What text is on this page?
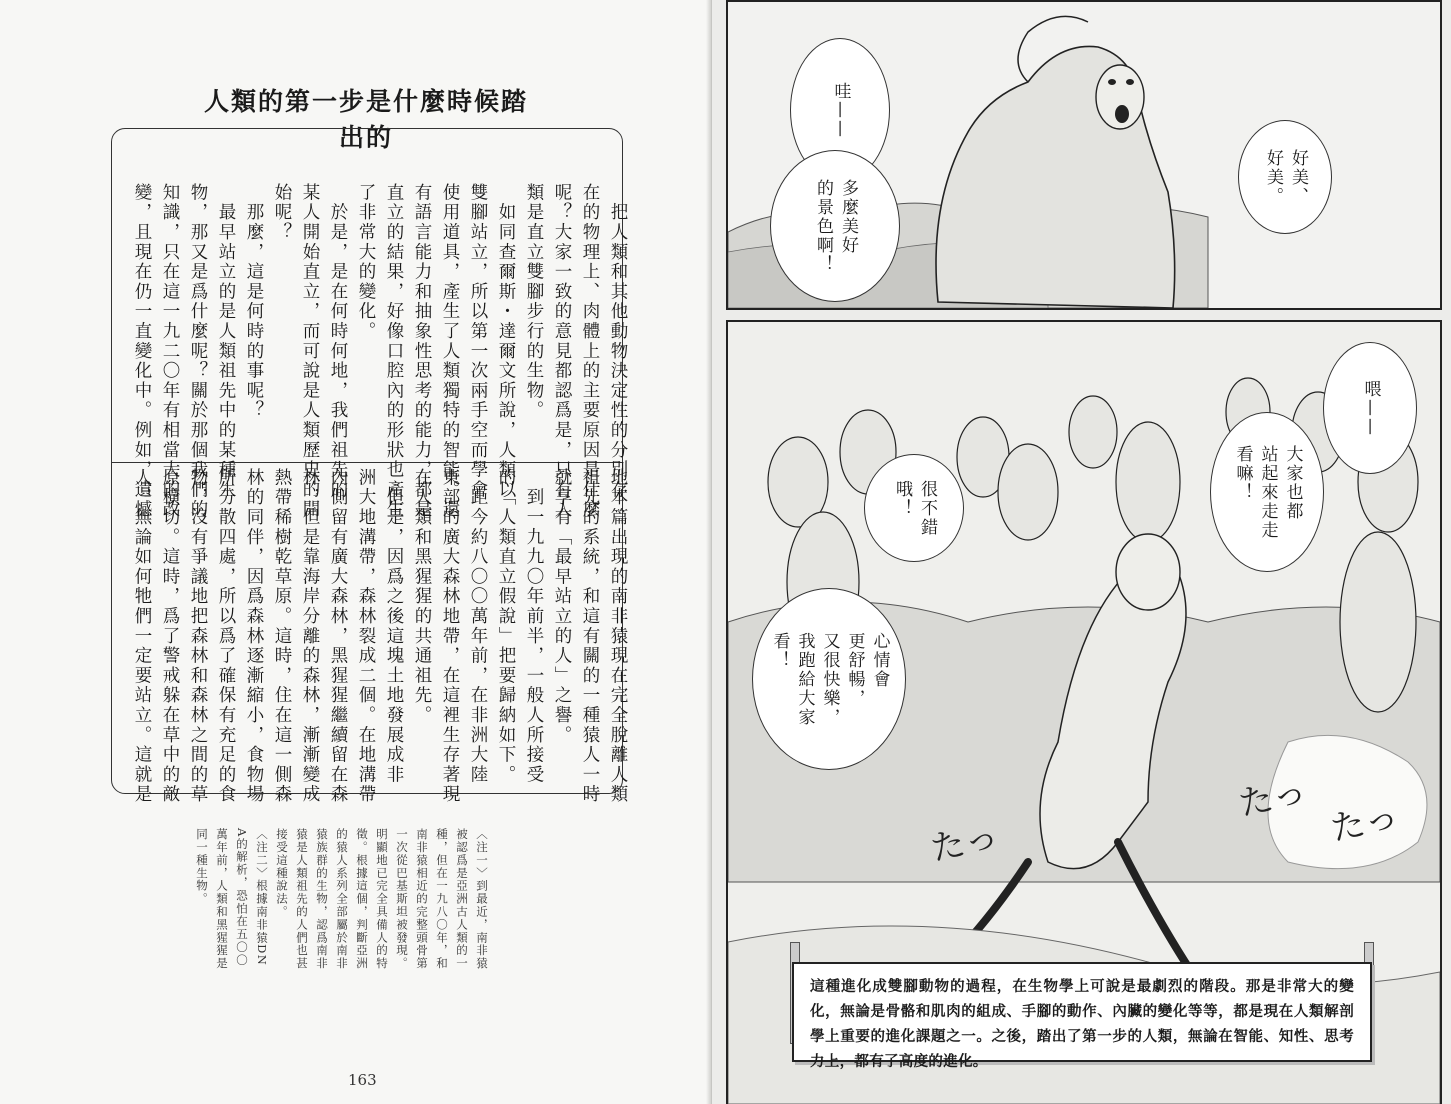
人類的第一步是什麼時候踏出的
　把人類和其他動物決定性的分別存
在的物理上、肉體上的主要原因是什麼
呢？大家一致的意見都認爲是，只有人
類是直立雙腳步行的生物。
　如同查爾斯・達爾文所說，人類以
雙腳站立，所以第一次兩手空而學會
使用道具，產生了人類獨特的智能。還
有語言能力和抽象性思考的能力，都是
直立的結果，好像口腔內的形狀也產生
了非常大的變化。
　於是，是在何時何地，我們祖先的
某人開始直立，而可說是人類歷史的開
始呢？
　那麼，這是何時的事呢？
　最早站立的是人類祖先中的某種生
物，那又是爲什麼呢？關於那個我們的
知識，只在這一九二〇年有相當大的改
變，且現在仍一直變化中。例如，遺憾
地本篇出現的南非猿現在完全脫離人類
祖先的系統，和這有關的一種猿人一時
就享有「最早站立的人」之譽。
　到一九九〇年前半，一般人所接受
的「人類直立假說」把要歸納如下。
　距今約八〇〇萬年前，在非洲大陸
東部的廣大森林地帶，在這裡生存著現
在人類和黑猩猩的共通祖先。
　但是，因爲之後這塊土地發展成非
洲大地溝帶，森林裂成二個。在地溝帶
內側留有廣大森林，黑猩猩繼續留在森
林，但是靠海岸分離的森林，漸漸變成
熱帶稀樹乾草原。這時，住在這一側森
林的同伴，因爲森林逐漸縮小，食物場
所分散四處，所以爲了確保有充足的食
物，沒有爭議地把森林和森林之間的草
原橫切。這時，爲了警戒躲在草中的敵
人，無論如何牠們一定要站立。這就是
〈注一〉到最近，南非猿
被認爲是亞洲古人類的一
種，但在一九八〇年，和
南非猿相近的完整頭骨第
一次從巴基斯坦被發現。
明顯地已完全具備人的特
徵。根據這個，判斷亞洲
的猿人系列全部屬於南非
猿族群的生物，認爲南非
猿是人類祖先的人們也甚
接受這種說法。
〈注二〉根據南非猿DN
A的解析，恐怕在五〇〇
萬年前，人類和黑猩猩是
同一種生物。
163
哇——
好美、
好美。
多麼美好
的景色啊！
喂——
大家也都
站起來走走
看嘛！
很不錯
哦！
心情會
更舒暢，
又很快樂，
我跑給大家
看！
たっ たっ
たっ

這種進化成雙腳動物的過程，在生物學上可說是最劇烈的階段。那是非常大的變化，無論是骨骼和肌肉的組成、手腳的動作、內臟的變化等等，都是現在人類解剖學上重要的進化課題之一。之後，踏出了第一步的人類，無論在智能、知性、思考力上，都有了高度的進化。
